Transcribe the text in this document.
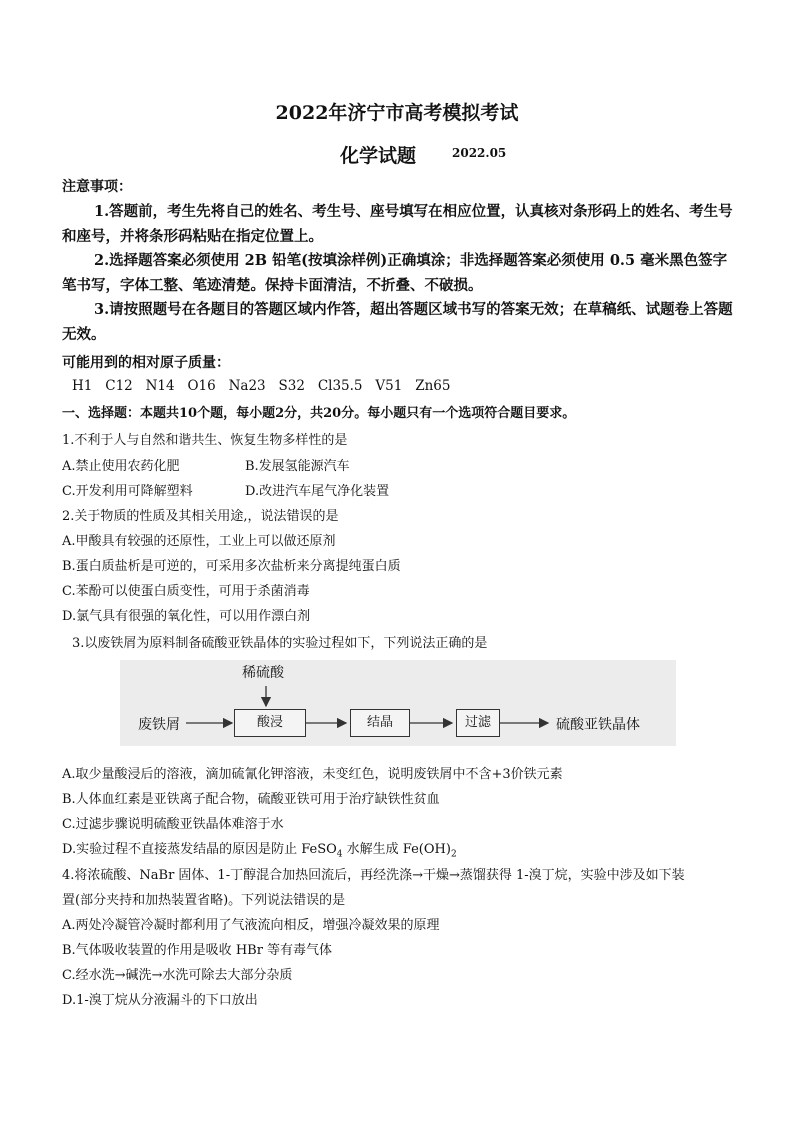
2022年济宁市高考模拟考试
化学试题	2022.05
注意事项：
1.答题前，考生先将自己的姓名、考生号、座号填写在相应位置，认真核对条形码上的姓名、考生号和座号，并将条形码粘贴在指定位置上。
2.选择题答案必须使用 2B 铅笔(按填涂样例)正确填涂；非选择题答案必须使用 0.5 毫米黑色签字笔书写，字体工整、笔迹清楚。保持卡面清洁，不折叠、不破损。
3.请按照题号在各题目的答题区域内作答，超出答题区域书写的答案无效；在草稿纸、试题卷上答题无效。
可能用到的相对原子质量：
H1   C12   N14   O16   Na23   S32   Cl35.5   V51   Zn65
一、选择题：本题共10个题，每小题2分，共20分。每小题只有一个选项符合题目要求。
1.不利于人与自然和谐共生、恢复生物多样性的是
A.禁止使用农药化肥	B.发展氢能源汽车
C.开发利用可降解塑料	D.改进汽车尾气净化装置
2.关于物质的性质及其相关用途,，说法错误的是
A.甲酸具有较强的还原性，工业上可以做还原剂
B.蛋白质盐析是可逆的，可采用多次盐析来分离提纯蛋白质
C.苯酚可以使蛋白质变性，可用于杀菌消毒
D.氯气具有很强的氧化性，可以用作漂白剂
3.以废铁屑为原料制备硫酸亚铁晶体的实验过程如下，下列说法正确的是
废铁屑
稀硫酸
酸浸	结晶	过滤	硫酸亚铁晶体
A.取少量酸浸后的溶液，滴加硫氰化钾溶液，未变红色，说明废铁屑中不含+3价铁元素
B.人体血红素是亚铁离子配合物，硫酸亚铁可用于治疗缺铁性贫血
C.过滤步骤说明硫酸亚铁晶体难溶于水
D.实验过程不直接蒸发结晶的原因是防止 FeSO$_4$ 水解生成 $Fe(OH)_2$
4.将浓硫酸、NaBr 固体、1-丁醇混合加热回流后，再经洗涤→干燥→蒸馏获得 1-溴丁烷，实验中涉及如下装
置(部分夹持和加热装置省略)。下列说法错误的是
A.两处冷凝管冷凝时都利用了气液流向相反，增强冷凝效果的原理
B.气体吸收装置的作用是吸收 HBr 等有毒气体
C.经水洗→碱洗→水洗可除去大部分杂质
D.1-溴丁烷从分液漏斗的下口放出
